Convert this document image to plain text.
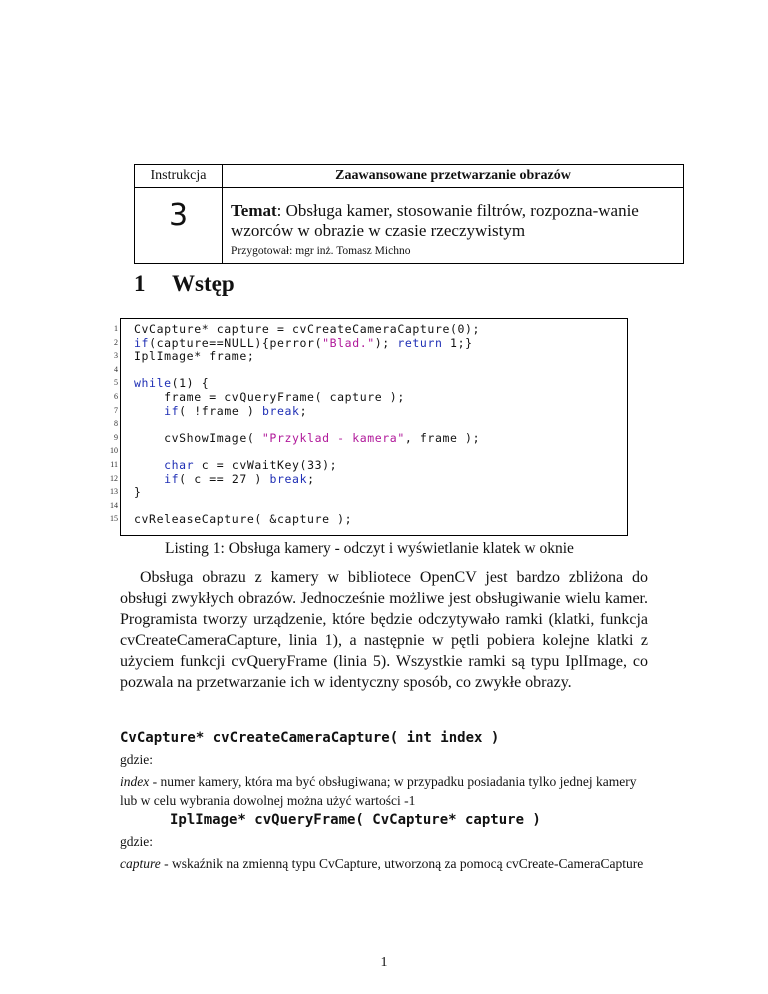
Instrukcja	Zaawansowane przetwarzanie obrazów
3	Temat: Obsługa kamer, stosowanie filtrów, rozpozna-wanie wzorców w obrazie w czasie rzeczywistym
Przygotował: mgr inż. Tomasz Michno
1 Wstęp
1 CvCapture* capture = cvCreateCameraCapture(0);
2 if(capture==NULL){perror("Blad."); return 1;}
3 IplImage* frame;
4
5 while(1) {
6 frame = cvQueryFrame( capture );
7	if( !frame ) break;
8
9 cvShowImage( "Przyklad - kamera", frame );
10
11	char c = cvWaitKey(33);
12	if( c == 27 ) break;
13 }
14
15 cvReleaseCapture( &capture );
Listing 1: Obsługa kamery - odczyt i wyświetlanie klatek w oknie

Obsługa obrazu z kamery w bibliotece OpenCV jest bardzo zbliżona do obsługi zwykłych obrazów. Jednocześnie możliwe jest obsługiwanie wielu kamer. Programista tworzy urządzenie, które będzie odczytywało ramki (klatki, funkcja cvCreateCameraCapture, linia 1), a następnie w pętli pobiera kolejne klatki z użyciem funkcji cvQueryFrame (linia 5). Wszystkie ramki są typu IplImage, co pozwala na przetwarzanie ich w identyczny sposób, co zwykłe obrazy.

CvCapture* cvCreateCameraCapture( int index )
gdzie:
index - numer kamery, która ma być obsługiwana; w przypadku posiadania tylko jednej kamery lub w celu wybrania dowolnej można użyć wartości -1
IplImage* cvQueryFrame( CvCapture* capture )
gdzie:
capture - wskaźnik na zmienną typu CvCapture, utworzoną za pomocą cvCreate-CameraCapture
1
